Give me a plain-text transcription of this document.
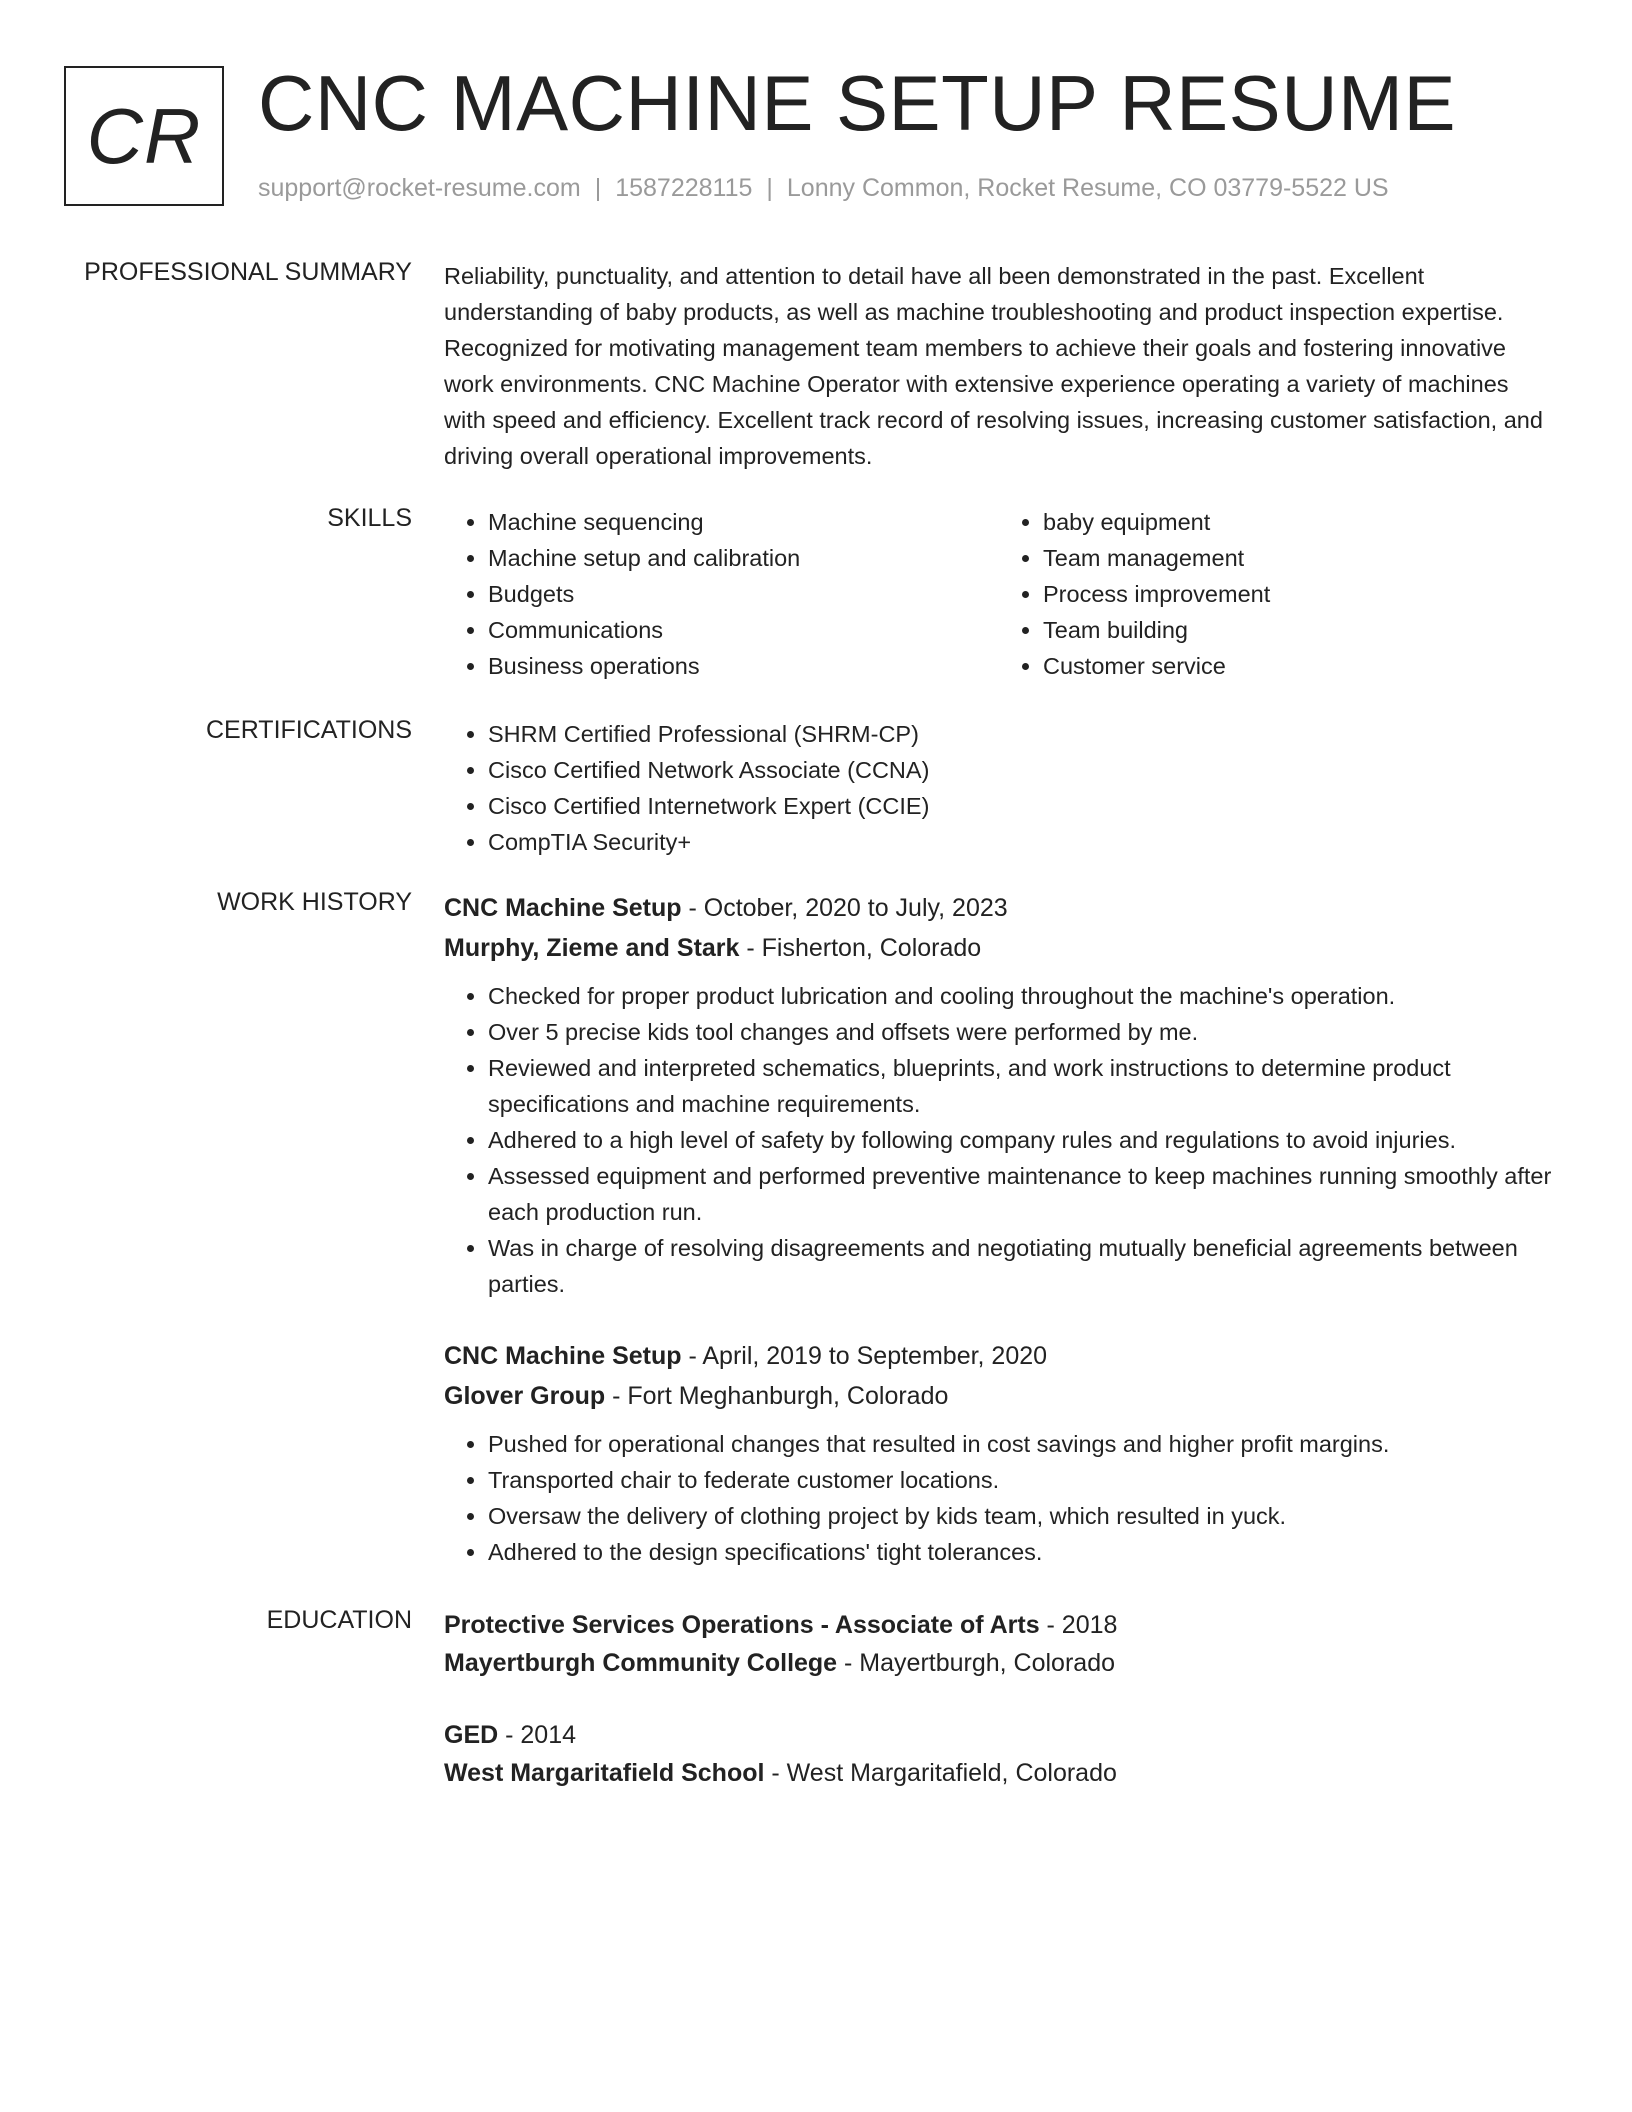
CR CNC MACHINE SETUP RESUME
support@rocket-resume.com | 1587228115 | Lonny Common, Rocket Resume, CO 03779-5522 US
PROFESSIONAL SUMMARY Reliability, punctuality, and attention to detail have all been demonstrated in the past. Excellent understanding of baby products, as well as machine troubleshooting and product inspection expertise. Recognized for motivating management team members to achieve their goals and fostering innovative work environments. CNC Machine Operator with extensive experience operating a variety of machines with speed and efficiency. Excellent track record of resolving issues, increasing customer satisfaction, and driving overall operational improvements.

SKILLS	• Machine sequencing
• Machine setup and calibration
• Budgets
• Communications
• Business operations
• baby equipment
• Team management
• Process improvement
• Team building
• Customer service
CERTIFICATIONS	• SHRM Certified Professional (SHRM-CP)
• Cisco Certified Network Associate (CCNA)
• Cisco Certified Internetwork Expert (CCIE)
• CompTIA Security+
WORK HISTORY CNC Machine Setup - October, 2020 to July, 2023
Murphy, Zieme and Stark - Fisherton, Colorado
• Checked for proper product lubrication and cooling throughout the machine's operation.
• Over 5 precise kids tool changes and offsets were performed by me.
• Reviewed and interpreted schematics, blueprints, and work instructions to determine product specifications and machine requirements.
• Adhered to a high level of safety by following company rules and regulations to avoid injuries.
• Assessed equipment and performed preventive maintenance to keep machines running smoothly after each production run.
• Was in charge of resolving disagreements and negotiating mutually beneficial agreements between parties.
CNC Machine Setup - April, 2019 to September, 2020
Glover Group - Fort Meghanburgh, Colorado
• Pushed for operational changes that resulted in cost savings and higher profit margins.
• Transported chair to federate customer locations.
• Oversaw the delivery of clothing project by kids team, which resulted in yuck.
• Adhered to the design specifications' tight tolerances.
EDUCATION Protective Services Operations - Associate of Arts - 2018
Mayertburgh Community College - Mayertburgh, Colorado
GED - 2014
West Margaritafield School - West Margaritafield, Colorado
